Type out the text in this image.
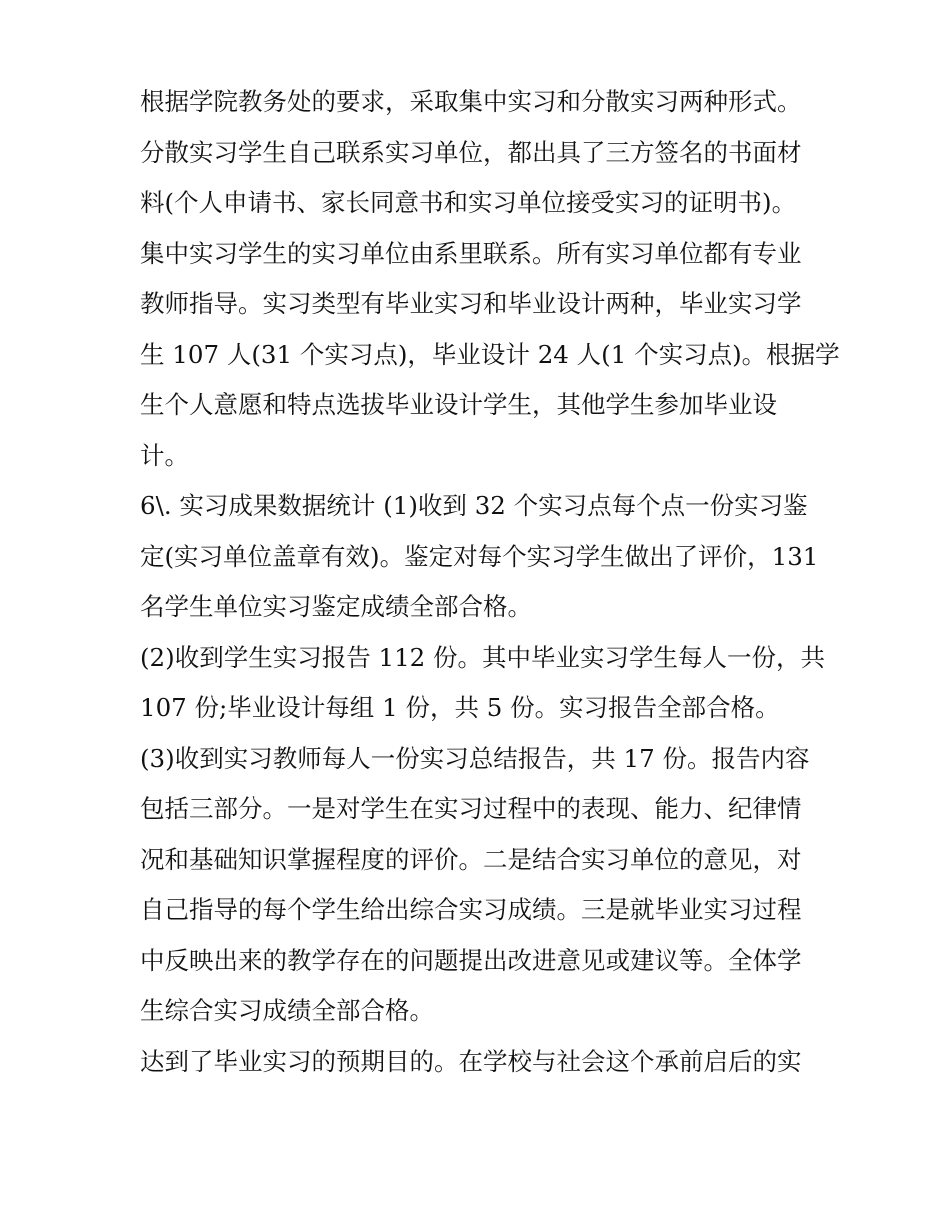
根据学院教务处的要求，采取集中实习和分散实习两种形式。
分散实习学生自己联系实习单位，都出具了三方签名的书面材
料(个人申请书、家长同意书和实习单位接受实习的证明书)。
集中实习学生的实习单位由系里联系。所有实习单位都有专业
教师指导。实习类型有毕业实习和毕业设计两种，毕业实习学
生 107 人(31 个实习点)，毕业设计 24 人(1 个实习点)。根据学
生个人意愿和特点选拔毕业设计学生，其他学生参加毕业设
计。
6\. 实习成果数据统计 (1)收到 32 个实习点每个点一份实习鉴
定(实习单位盖章有效)。鉴定对每个实习学生做出了评价，131
名学生单位实习鉴定成绩全部合格。
(2)收到学生实习报告 112 份。其中毕业实习学生每人一份，共
107 份;毕业设计每组 1 份，共 5 份。实习报告全部合格。
(3)收到实习教师每人一份实习总结报告，共 17 份。报告内容
包括三部分。一是对学生在实习过程中的表现、能力、纪律情
况和基础知识掌握程度的评价。二是结合实习单位的意见，对
自己指导的每个学生给出综合实习成绩。三是就毕业实习过程
中反映出来的教学存在的问题提出改进意见或建议等。全体学
生综合实习成绩全部合格。
达到了毕业实习的预期目的。在学校与社会这个承前启后的实
